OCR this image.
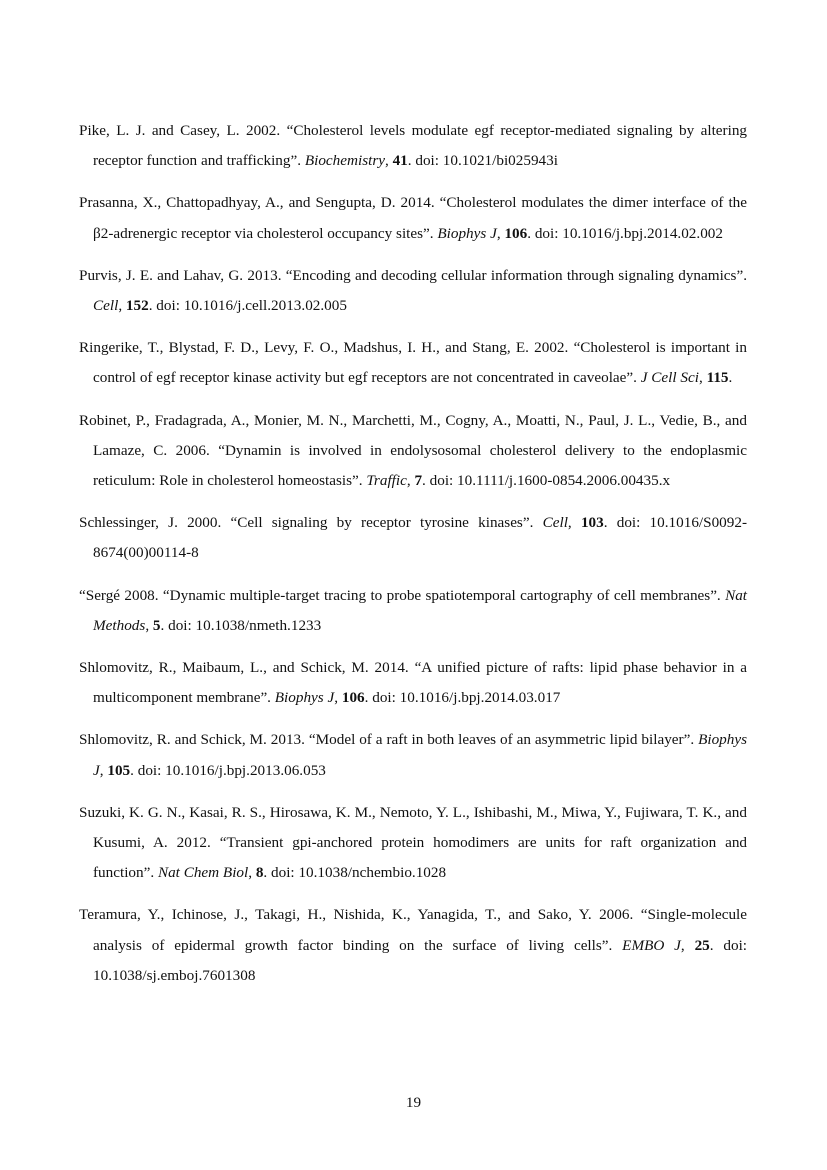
Pike, L. J. and Casey, L. 2002. “Cholesterol levels modulate egf receptor-mediated signaling by altering receptor function and trafficking”. Biochemistry, 41. doi: 10.1021/bi025943i

Prasanna, X., Chattopadhyay, A., and Sengupta, D. 2014. “Cholesterol modulates the dimer interface of the β2-adrenergic receptor via cholesterol occupancy sites”. Biophys J, 106. doi: 10.1016/j.bpj.2014.02.002

Purvis, J. E. and Lahav, G. 2013. “Encoding and decoding cellular information through signaling dynamics”. Cell, 152. doi: 10.1016/j.cell.2013.02.005

Ringerike, T., Blystad, F. D., Levy, F. O., Madshus, I. H., and Stang, E. 2002. “Cholesterol is important in control of egf receptor kinase activity but egf receptors are not concentrated in caveolae”. J Cell Sci, 115.

Robinet, P., Fradagrada, A., Monier, M. N., Marchetti, M., Cogny, A., Moatti, N., Paul, J. L., Vedie, B., and Lamaze, C. 2006. “Dynamin is involved in endolysosomal cholesterol delivery to the endoplasmic reticulum: Role in cholesterol homeostasis”. Traffic, 7. doi: 10.1111/j.1600-0854.2006.00435.x

Schlessinger, J. 2000. “Cell signaling by receptor tyrosine kinases”. Cell, 103. doi: 10.1016/S0092-8674(00)00114-8

“Sergé 2008. “Dynamic multiple-target tracing to probe spatiotemporal cartography of cell membranes”. Nat Methods, 5. doi: 10.1038/nmeth.1233

Shlomovitz, R., Maibaum, L., and Schick, M. 2014. “A unified picture of rafts: lipid phase behavior in a multicomponent membrane”. Biophys J, 106. doi: 10.1016/j.bpj.2014.03.017

Shlomovitz, R. and Schick, M. 2013. “Model of a raft in both leaves of an asymmetric lipid bilayer”. Biophys J, 105. doi: 10.1016/j.bpj.2013.06.053

Suzuki, K. G. N., Kasai, R. S., Hirosawa, K. M., Nemoto, Y. L., Ishibashi, M., Miwa, Y., Fujiwara, T. K., and Kusumi, A. 2012. “Transient gpi-anchored protein homodimers are units for raft organization and function”. Nat Chem Biol, 8. doi: 10.1038/nchembio.1028

Teramura, Y., Ichinose, J., Takagi, H., Nishida, K., Yanagida, T., and Sako, Y. 2006. “Single-molecule analysis of epidermal growth factor binding on the surface of living cells”. EMBO J, 25. doi: 10.1038/sj.emboj.7601308

19
